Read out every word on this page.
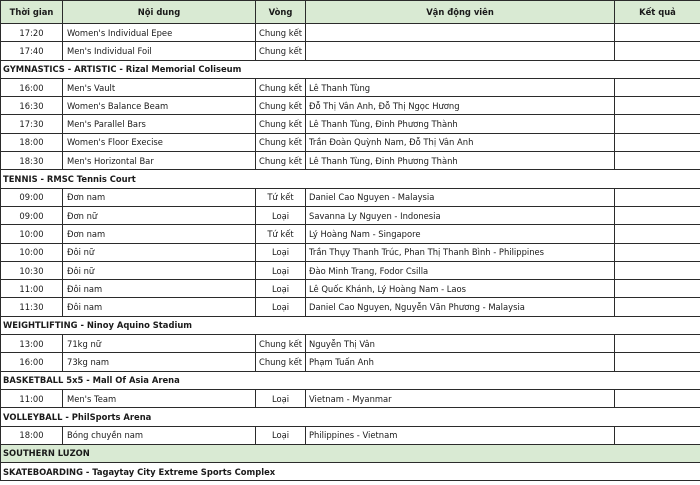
Thời gian	Nội dung	Vòng	Vận động viên	Kết quả
17:20	Women's Individual Epee	Chung kết		
17:40	Men's Individual Foil	Chung kết		
GYMNASTICS - ARTISTIC - Rizal Memorial Coliseum				
16:00	Men's Vault	Chung kết	Lê Thanh Tùng	
16:30	Women's Balance Beam	Chung kết	Đỗ Thị Vân Anh, Đỗ Thị Ngọc Hương	
17:30	Men's Parallel Bars	Chung kết	Lê Thanh Tùng, Đinh Phương Thành	
18:00	Women's Floor Execise	Chung kết	Trần Đoàn Quỳnh Nam, Đỗ Thị Vân Anh	
18:30	Men's Horizontal Bar	Chung kết	Lê Thanh Tùng, Đinh Phương Thành	
TENNIS - RMSC Tennis Court				
09:00	Đơn nam	Tứ kết	Daniel Cao Nguyen - Malaysia	
09:00	Đơn nữ	Loại	Savanna Ly Nguyen - Indonesia	
10:00	Đơn nam	Tứ kết	Lý Hoàng Nam - Singapore	
10:00	Đôi nữ	Loại	Trần Thụy Thanh Trúc, Phan Thị Thanh Bình - Philippines	
10:30	Đôi nữ	Loại	Đào Minh Trang, Fodor Csilla	
11:00	Đôi nam	Loại	Lê Quốc Khánh, Lý Hoàng Nam - Laos	
11:30	Đôi nam	Loại	Daniel Cao Nguyen, Nguyễn Văn Phương - Malaysia	
WEIGHTLIFTING - Ninoy Aquino Stadium				
13:00	71kg nữ	Chung kết	Nguyễn Thị Vân	
16:00	73kg nam	Chung kết	Phạm Tuấn Anh	
BASKETBALL 5x5 - Mall Of Asia Arena				
11:00	Men's Team	Loại	Vietnam - Myanmar	
VOLLEYBALL - PhilSports Arena				
18:00	Bóng chuyền nam	Loại	Philippines - Vietnam	
SOUTHERN LUZON				
SKATEBOARDING - Tagaytay City Extreme Sports Complex				
